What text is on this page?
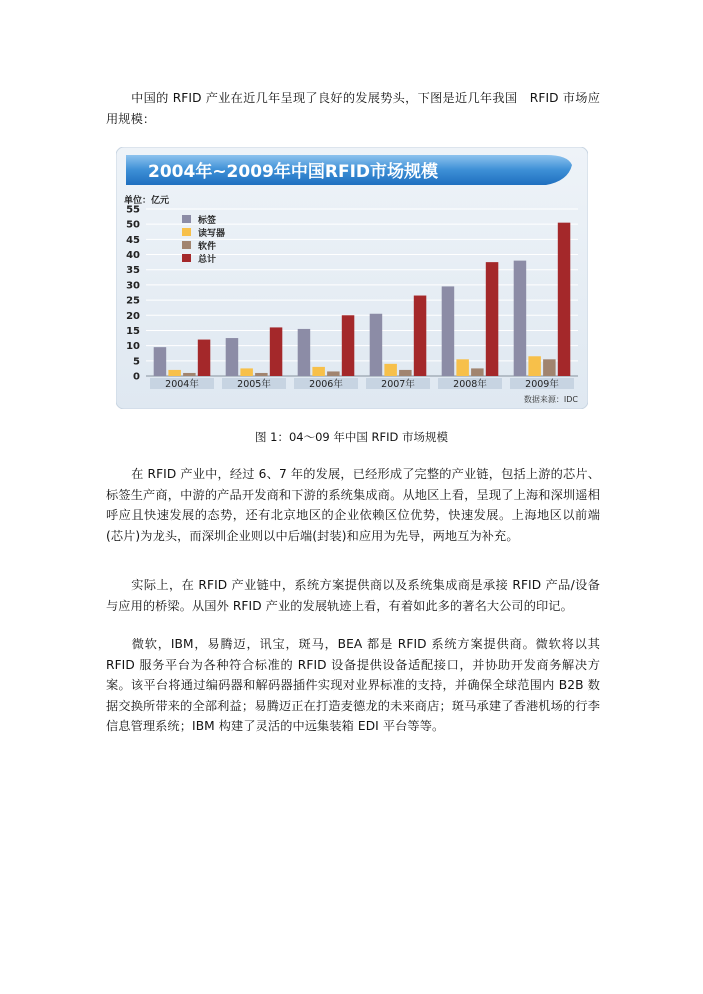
中国的 RFID 产业在近几年呈现了良好的发展势头，下图是近几年我国　RFID 市场应用规模：

2004年~2009年中国RFID市场规模
单位：亿元
0
5
10
15
20
25
30
35
40
45
50
55
2004年	2005年	2006年	2007年	2008年	2009年
标签
读写器
软件
总计
数据来源：IDC
图 1：04～09 年中国 RFID 市场规模

在 RFID 产业中，经过 6、7 年的发展，已经形成了完整的产业链，包括上游的芯片、标签生产商，中游的产品开发商和下游的系统集成商。从地区上看，呈现了上海和深圳遥相呼应且快速发展的态势，还有北京地区的企业依赖区位优势，快速发展。上海地区以前端(芯片)为龙头，而深圳企业则以中后端(封装)和应用为先导，两地互为补充。

实际上，在 RFID 产业链中，系统方案提供商以及系统集成商是承接 RFID 产品/设备与应用的桥梁。从国外 RFID 产业的发展轨迹上看，有着如此多的著名大公司的印记。

微软，IBM，易腾迈，讯宝，斑马，BEA 都是 RFID 系统方案提供商。微软将以其 RFID 服务平台为各种符合标准的 RFID 设备提供设备适配接口，并协助开发商务解决方案。该平台将通过编码器和解码器插件实现对业界标准的支持，并确保全球范围内 B2B 数据交换所带来的全部利益；易腾迈正在打造麦德龙的未来商店；斑马承建了香港机场的行李信息管理系统；IBM 构建了灵活的中远集装箱 EDI 平台等等。
